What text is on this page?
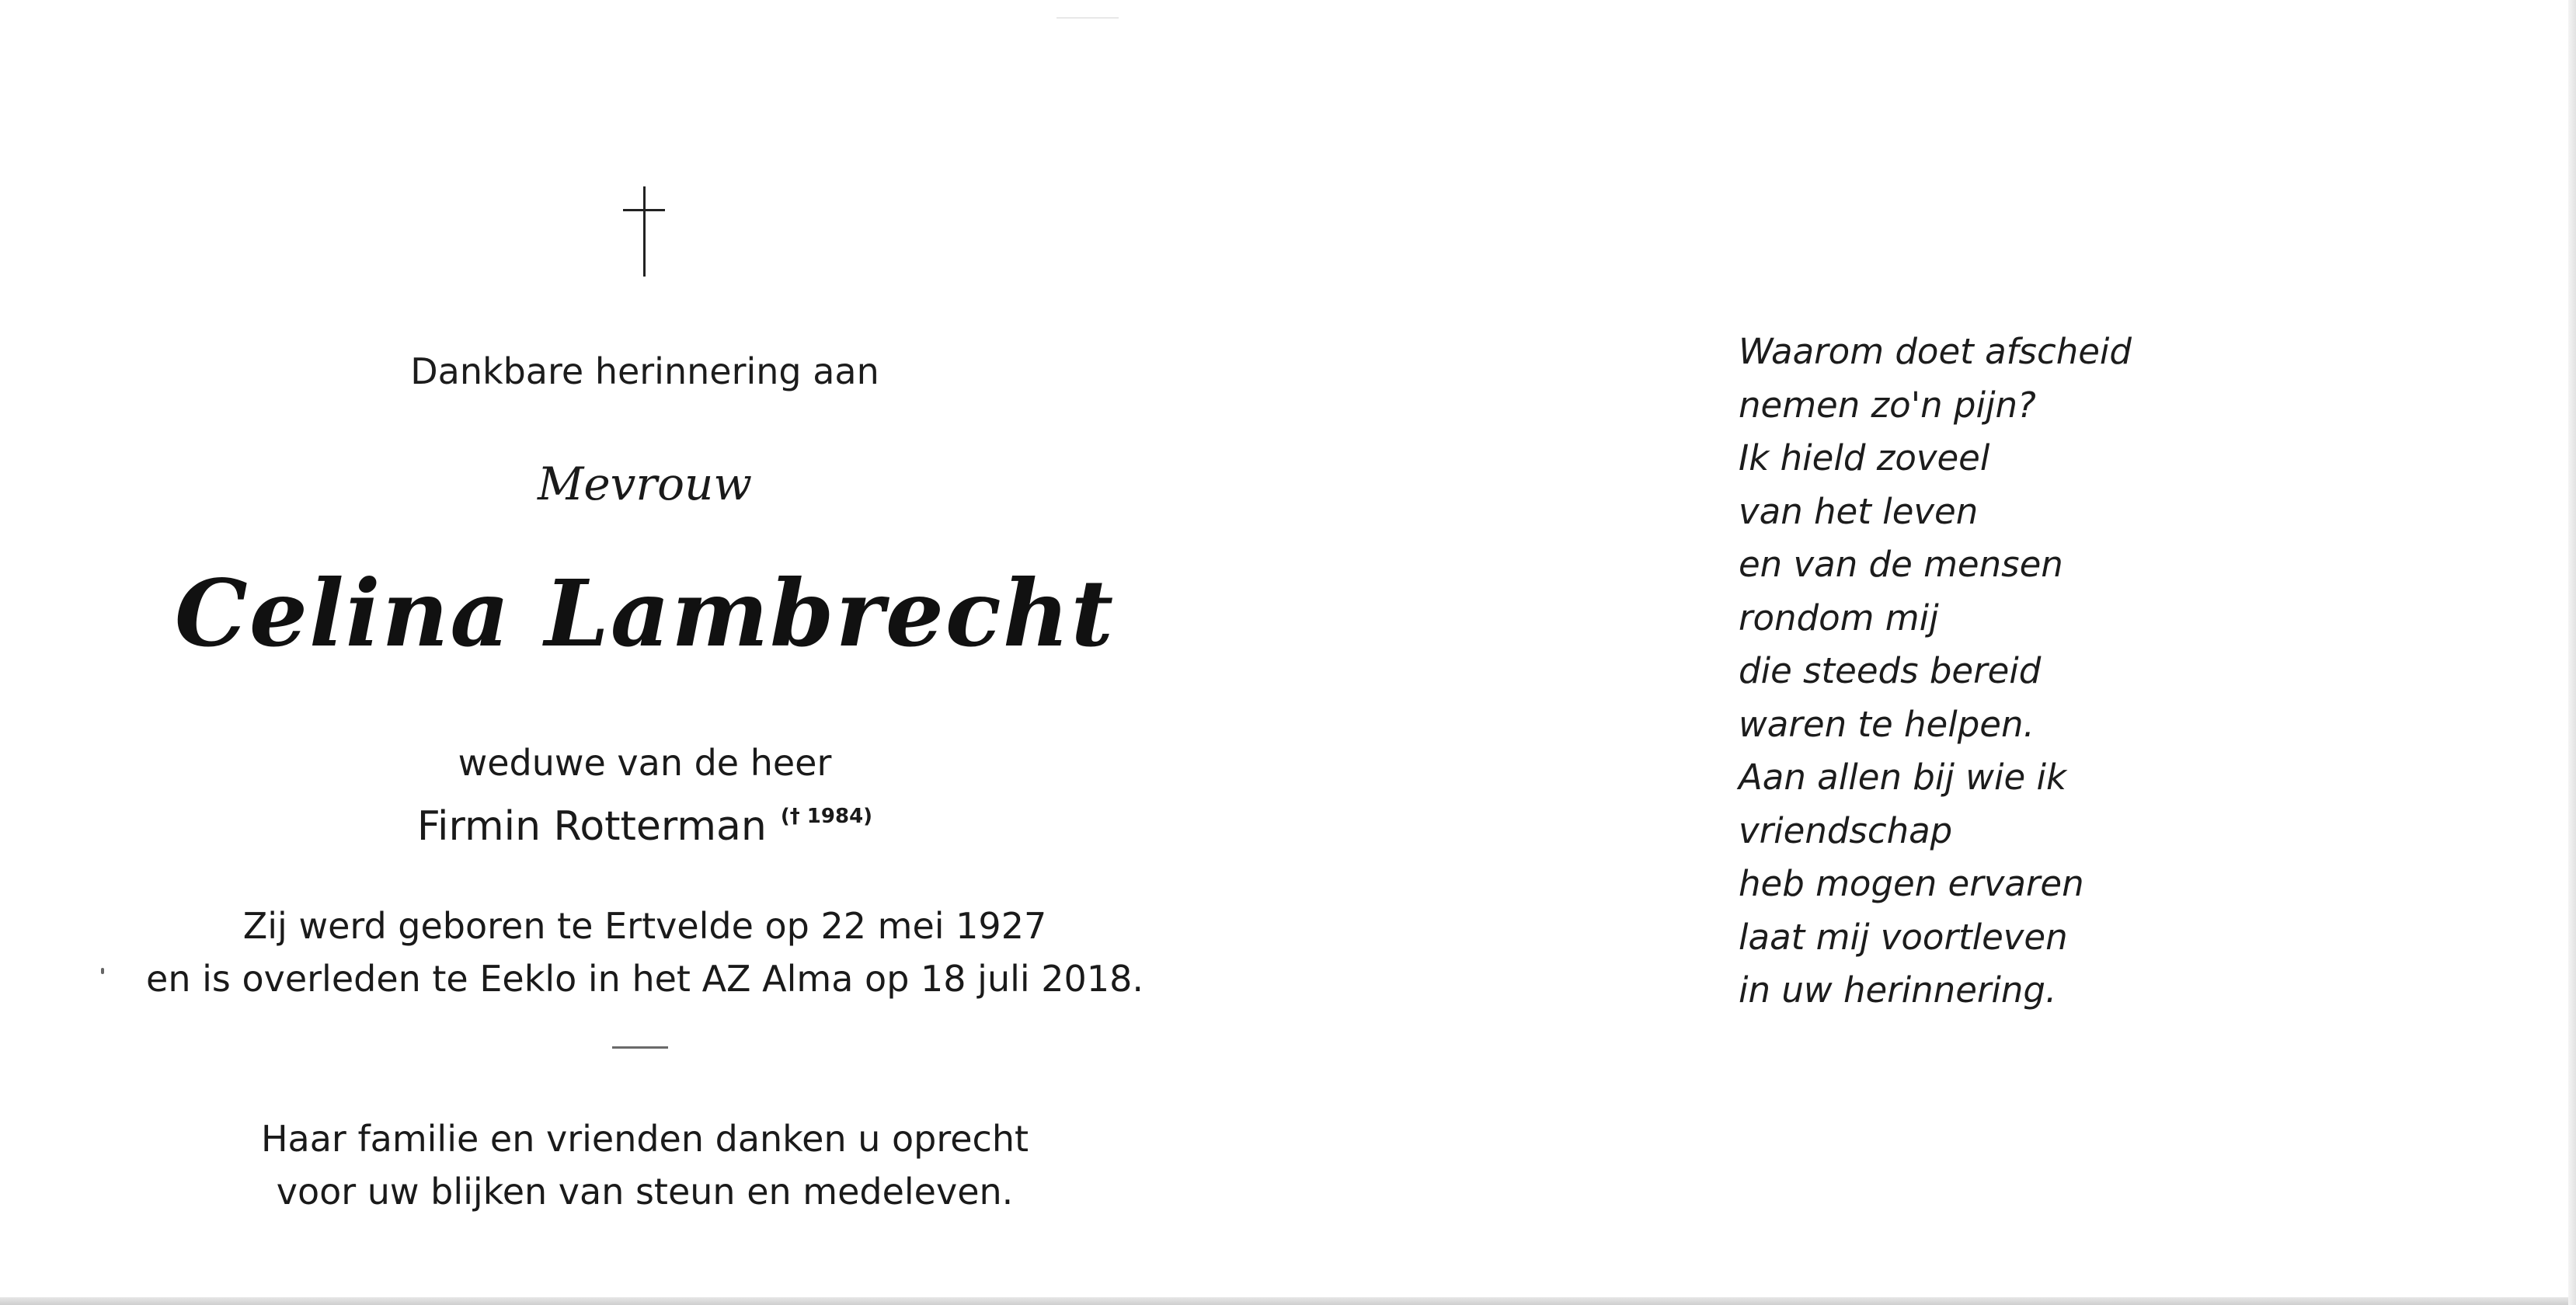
Dankbare herinnering aan
Mevrouw
Celina Lambrecht
weduwe van de heer
Firmin Rotterman $^{(\dagger 1984)}$
Zij werd geboren te Ertvelde op 22 mei 1927
en is overleden te Eeklo in het AZ Alma op 18 juli 2018.
Haar familie en vrienden danken u oprecht
voor uw blijken van steun en medeleven.
Waarom doet afscheid
nemen zo'n pijn?
Ik hield zoveel
van het leven
en van de mensen
rondom mij
die steeds bereid
waren te helpen.
Aan allen bij wie ik
vriendschap
heb mogen ervaren
laat mij voortleven
in uw herinnering.
